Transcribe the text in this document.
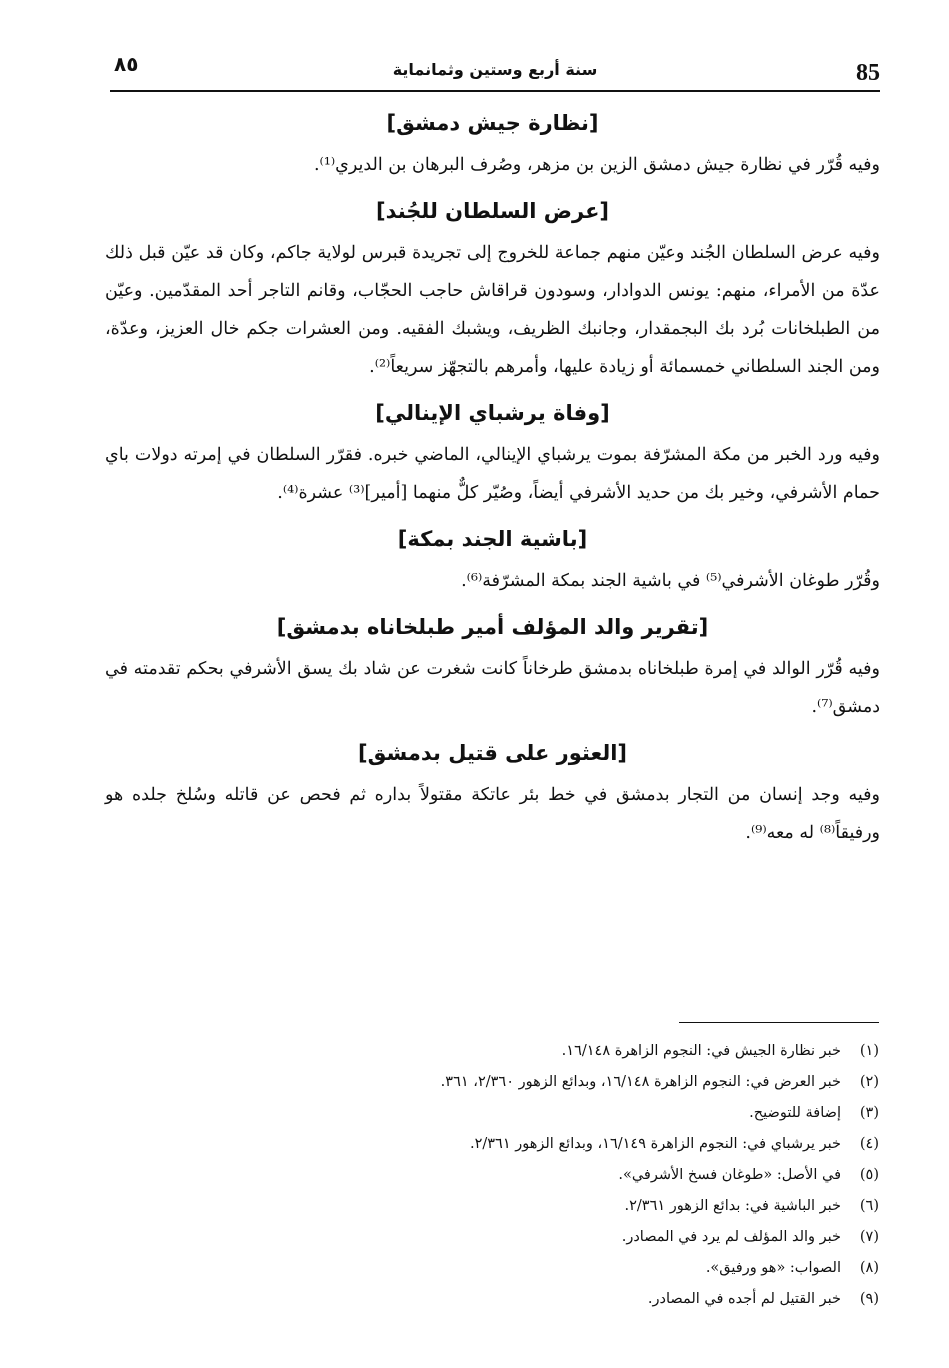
85
سنة أربع وستين وثمانماية
٨٥
[نظارة جيش دمشق]

وفيه قُرّر في نظارة جيش دمشق الزين بن مزهر، وصُرف البرهان بن الديري⁽¹⁾.

[عرض السلطان للجُند]

وفيه عرض السلطان الجُند وعيّن منهم جماعة للخروج إلى تجريدة قبرس لولاية جاكم، وكان قد عيّن قبل ذلك عدّة من الأمراء، منهم: يونس الدوادار، وسودون قراقاش حاجب الحجّاب، وقانم التاجر أحد المقدّمين. وعيّن من الطبلخانات بُرد بك البجمقدار، وجانبك الظريف، ويشبك الفقيه. ومن العشرات جكم خال العزيز، وعدّة، ومن الجند السلطاني خمسمائة أو زيادة عليها، وأمرهم بالتجهّز سريعاً⁽²⁾.

[وفاة يرشباي الإينالي]

وفيه ورد الخبر من مكة المشرّفة بموت يرشباي الإينالي، الماضي خبره. فقرّر السلطان في إمرته دولات باي حمام الأشرفي، وخير بك من حديد الأشرفي أيضاً، وصُيّر كلٌّ منهما [أمير]⁽³⁾ عشرة⁽⁴⁾.

[باشية الجند بمكة]

وقُرّر طوغان الأشرفي⁽⁵⁾ في باشية الجند بمكة المشرّفة⁽⁶⁾.

[تقرير والد المؤلف أمير طبلخاناه بدمشق]

وفيه قُرّر الوالد في إمرة طبلخاناه بدمشق طرخاناً كانت شغرت عن شاد بك يسق الأشرفي بحكم تقدمته في دمشق⁽⁷⁾.

[العثور على قتيل بدمشق]

وفيه وجد إنسان من التجار بدمشق في خط بئر عاتكة مقتولاً بداره ثم فحص عن قاتله وسُلخ جلده هو ورفيقاً⁽⁸⁾ له معه⁽⁹⁾.

(١)خبر نظارة الجيش في: النجوم الزاهرة ١٦/١٤٨.
(٢)خبر العرض في: النجوم الزاهرة ١٦/١٤٨، وبدائع الزهور ٢/٣٦٠، ٣٦١.
(٣)إضافة للتوضيح.
(٤)خبر يرشباي في: النجوم الزاهرة ١٦/١٤٩، وبدائع الزهور ٢/٣٦١.
(٥)في الأصل: «طوغان فسخ الأشرفي».
(٦)خبر الباشية في: بدائع الزهور ٢/٣٦١.
(٧)خبر والد المؤلف لم يرد في المصادر.
(٨)الصواب: «هو ورفيق».
(٩)خبر القتيل لم أجده في المصادر.
